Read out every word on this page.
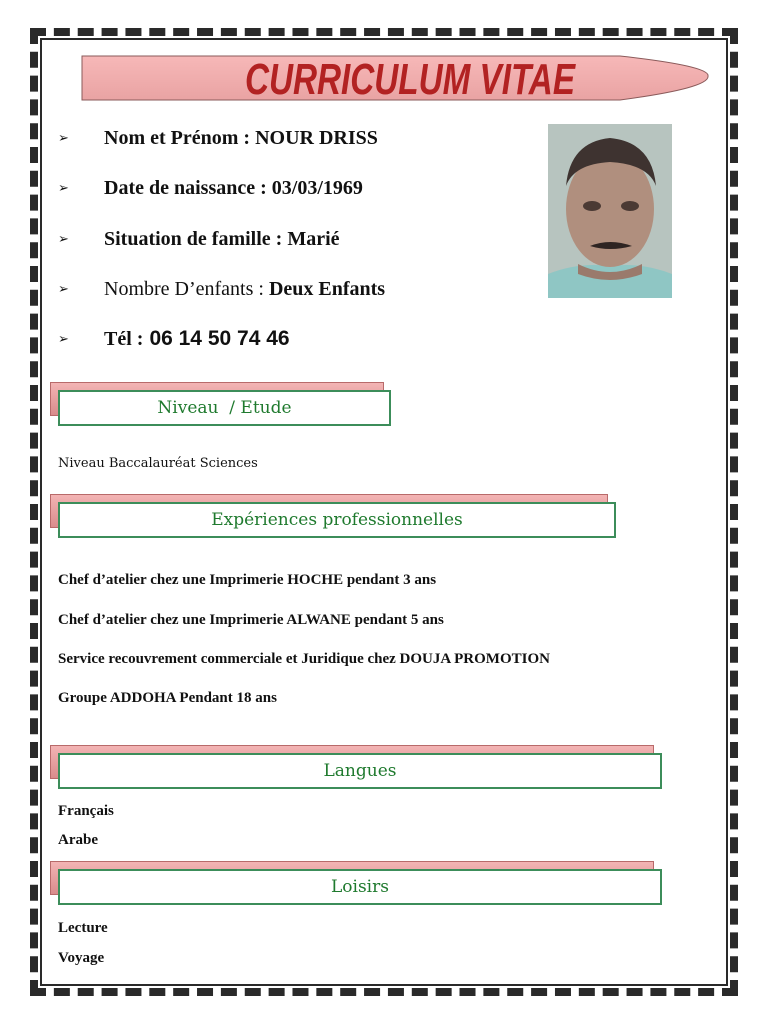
CURRICULUM VITAE
➢	Nom et Prénom : NOUR DRISS
➢	Date de naissance : 03/03/1969
➢	Situation de famille : Marié
➢	Nombre D’enfants : Deux Enfants
➢	Tél : 06 14 50 74 46
Niveau  / Etude
Niveau Baccalauréat Sciences
Expériences professionnelles
Chef d’atelier chez une Imprimerie HOCHE pendant 3 ans
Chef d’atelier chez une Imprimerie ALWANE pendant 5 ans
Service recouvrement commerciale et Juridique chez DOUJA PROMOTION
Groupe ADDOHA Pendant 18 ans
Langues
Français
Arabe
Loisirs
Lecture
Voyage
